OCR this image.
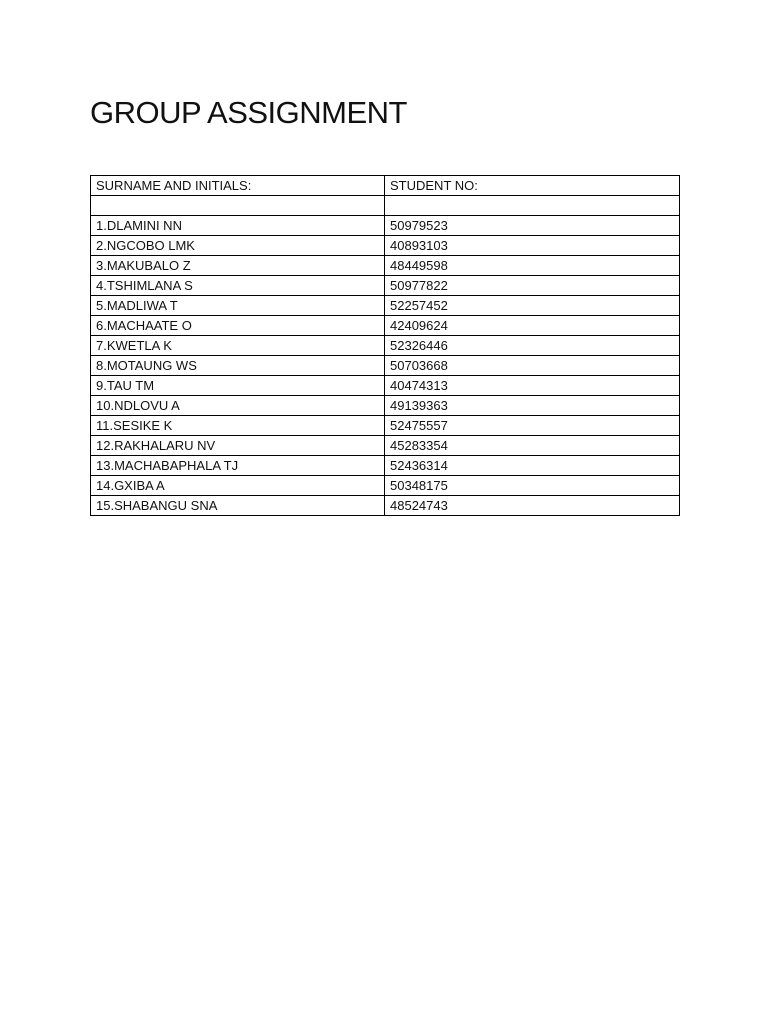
GROUP ASSIGNMENT
SURNAME AND INITIALS:	STUDENT NO:

1.DLAMINI NN	50979523
2.NGCOBO LMK	40893103
3.MAKUBALO Z	48449598
4.TSHIMLANA S	50977822
5.MADLIWA T	52257452
6.MACHAATE O	42409624
7.KWETLA K	52326446
8.MOTAUNG WS	50703668
9.TAU TM	40474313
10.NDLOVU A	49139363
11.SESIKE K	52475557
12.RAKHALARU NV	45283354
13.MACHABAPHALA TJ	52436314
14.GXIBA A	50348175
15.SHABANGU SNA	48524743
